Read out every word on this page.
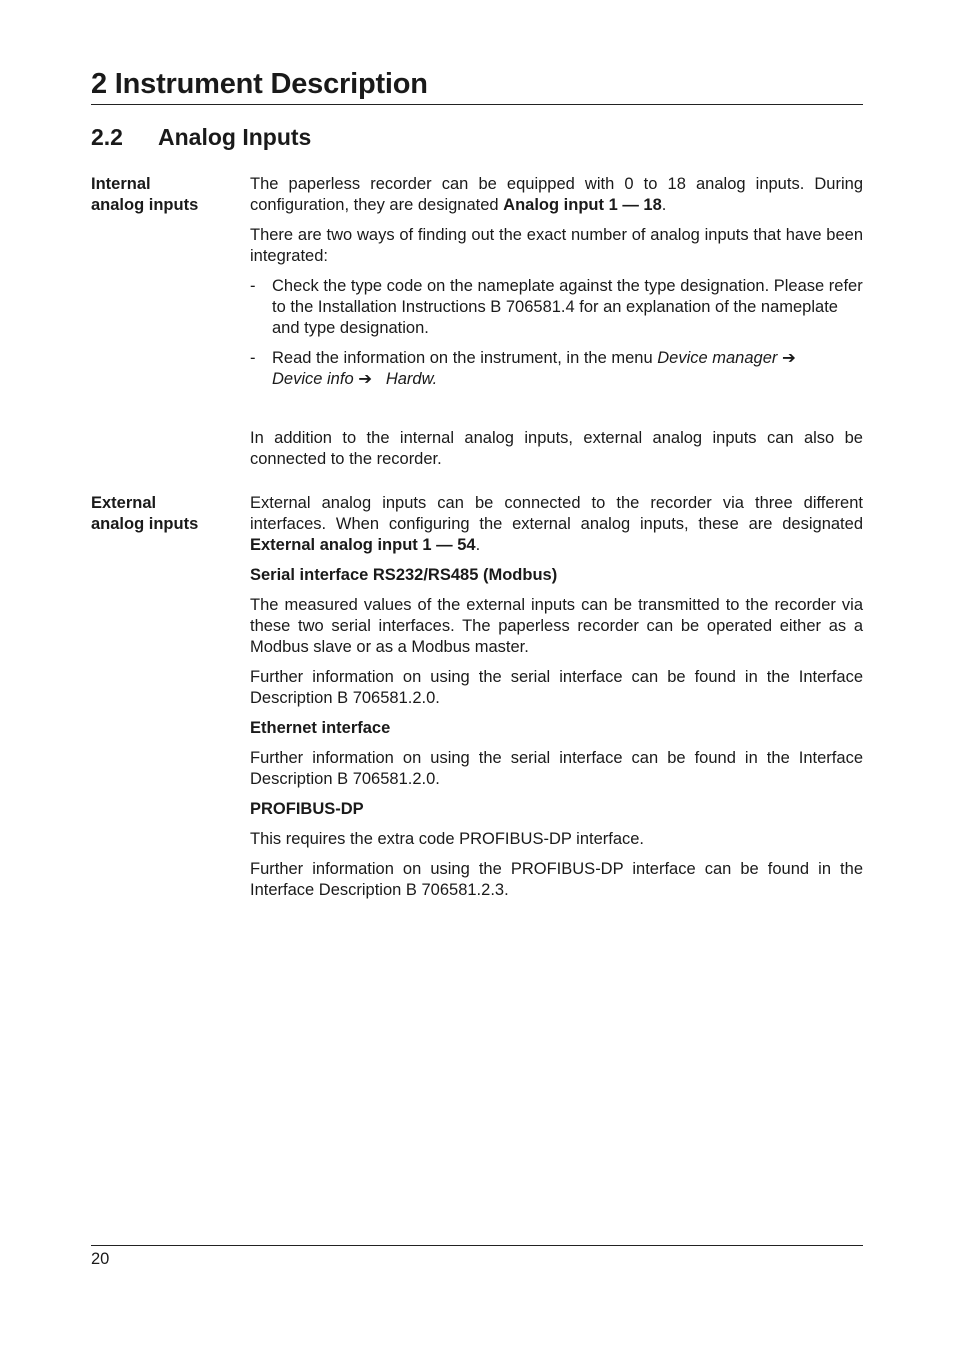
2 Instrument Description
2.2 Analog Inputs
Internal
analog inputs

The paperless recorder can be equipped with 0 to 18 analog inputs. During configuration, they are designated Analog input 1 — 18.

There are two ways of finding out the exact number of analog inputs that have been integrated:

- Check the type code on the nameplate against the type designation. Please refer to the Installation Instructions B 706581.4 for an explanation of the nameplate and type designation.
- Read the information on the instrument, in the menu Device manager ➔
Device info ➔ Hardw.

In addition to the internal analog inputs, external analog inputs can also be connected to the recorder.

External
analog inputs

External analog inputs can be connected to the recorder via three different interfaces. When configuring the external analog inputs, these are designated External analog input 1 — 54.

Serial interface RS232/RS485 (Modbus)

The measured values of the external inputs can be transmitted to the recorder via these two serial interfaces. The paperless recorder can be operated either as a Modbus slave or as a Modbus master.

Further information on using the serial interface can be found in the Interface Description B 706581.2.0.

Ethernet interface

Further information on using the serial interface can be found in the Interface Description B 706581.2.0.

PROFIBUS-DP

This requires the extra code PROFIBUS-DP interface.

Further information on using the PROFIBUS-DP interface can be found in the Interface Description B 706581.2.3.

20
